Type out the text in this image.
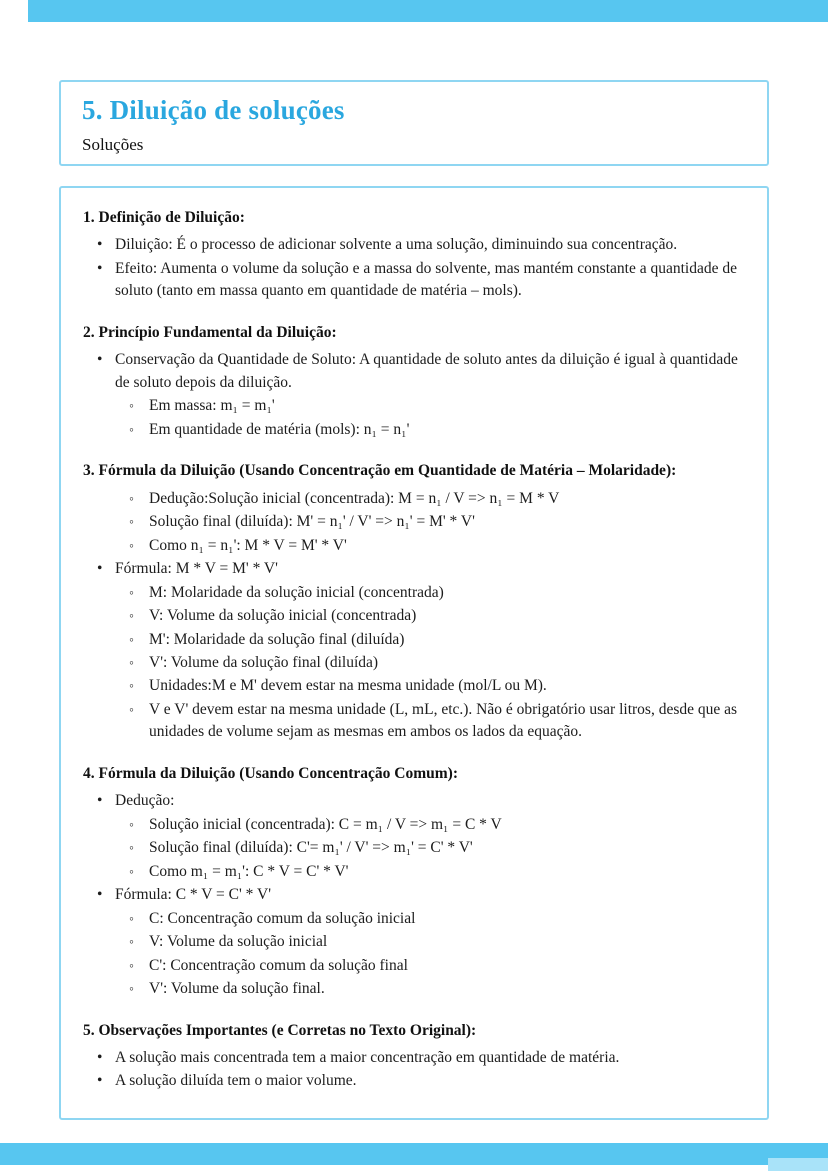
5. Diluição de soluções
Soluções
1. Definição de Diluição:
• Diluição: É o processo de adicionar solvente a uma solução, diminuindo sua concentração.
• Efeito: Aumenta o volume da solução e a massa do solvente, mas mantém constante a quantidade de soluto (tanto em massa quanto em quantidade de matéria – mols).
2. Princípio Fundamental da Diluição:
• Conservação da Quantidade de Soluto: A quantidade de soluto antes da diluição é igual à quantidade de soluto depois da diluição.
◦ Em massa: m₁ = m₁'
◦ Em quantidade de matéria (mols): n₁ = n₁'
3. Fórmula da Diluição (Usando Concentração em Quantidade de Matéria – Molaridade):
◦ Dedução:Solução inicial (concentrada): M = n₁ / V => n₁ = M * V
◦ Solução final (diluída): M' = n₁' / V' => n₁' = M' * V'
◦ Como n₁ = n₁': M * V = M' * V'
• Fórmula: M * V = M' * V'
◦ M: Molaridade da solução inicial (concentrada)
◦ V: Volume da solução inicial (concentrada)
◦ M': Molaridade da solução final (diluída)
◦ V': Volume da solução final (diluída)
◦ Unidades:M e M' devem estar na mesma unidade (mol/L ou M).
◦ V e V' devem estar na mesma unidade (L, mL, etc.). Não é obrigatório usar litros, desde que as unidades de volume sejam as mesmas em ambos os lados da equação.
4. Fórmula da Diluição (Usando Concentração Comum):
• Dedução:
◦ Solução inicial (concentrada): C = m₁ / V => m₁ = C * V
◦ Solução final (diluída): C'= m₁' / V' => m₁' = C' * V'
◦ Como m₁ = m₁': C * V = C' * V'
• Fórmula: C * V = C' * V'
◦ C: Concentração comum da solução inicial
◦ V: Volume da solução inicial
◦ C': Concentração comum da solução final
◦ V': Volume da solução final.
5. Observações Importantes (e Corretas no Texto Original):
• A solução mais concentrada tem a maior concentração em quantidade de matéria.
• A solução diluída tem o maior volume.
